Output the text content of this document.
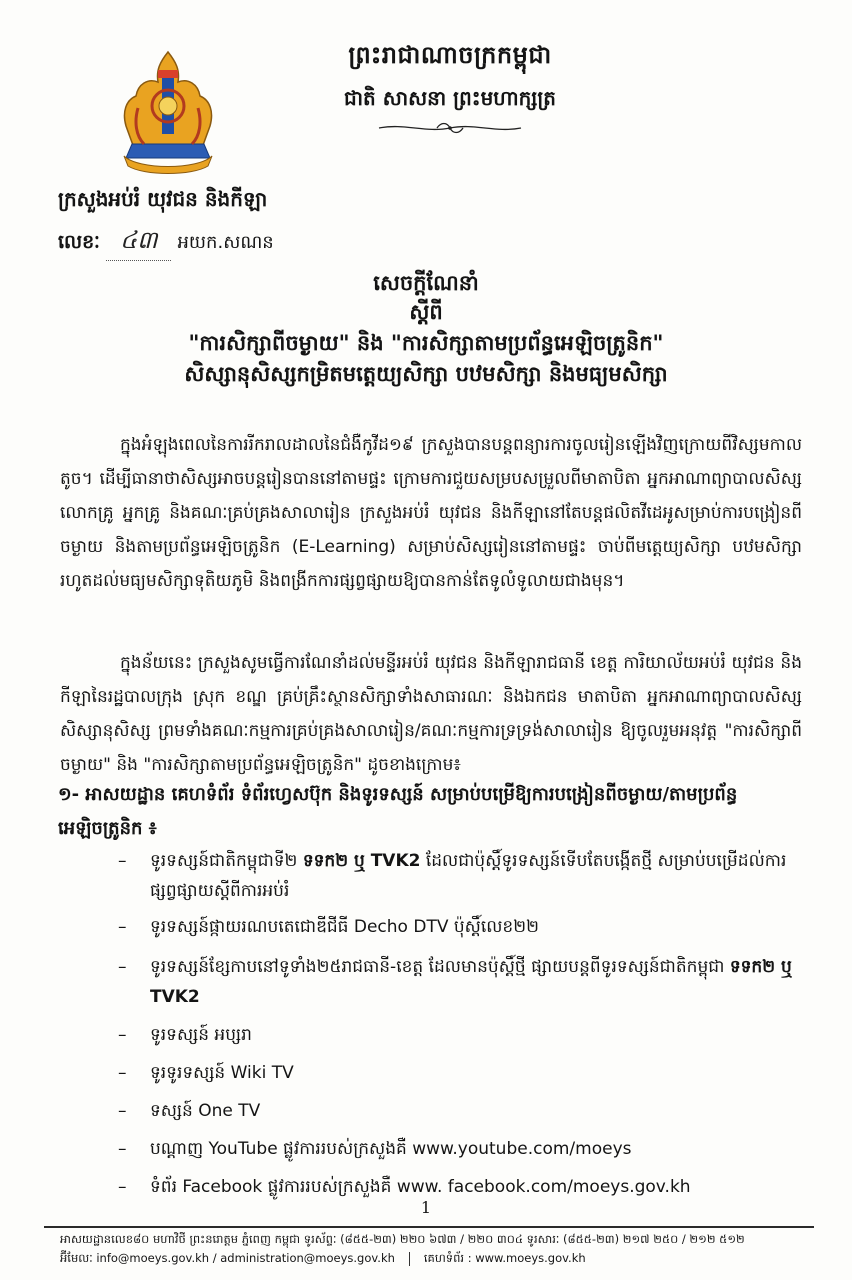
ព្រះរាជាណាចក្រកម្ពុជា
ជាតិ សាសនា ព្រះមហាក្សត្រ
ក្រសួងអប់រំ យុវជន និងកីឡា
លេខៈ ៤៣	អយក.សណន
សេចក្ដីណែនាំ
ស្ដីពី
"ការសិក្សាពីចម្ងាយ" និង "ការសិក្សាតាមប្រព័ន្ធអេឡិចត្រូនិក"
សិស្សានុសិស្សកម្រិតមត្តេយ្យសិក្សា បឋមសិក្សា និងមធ្យមសិក្សា
ក្នុងអំឡុងពេលនៃការរីករាលដាលនៃជំងឺកូវីដ១៩ ក្រសួងបានបន្តពន្យារការចូលរៀនឡើងវិញក្រោយពីវិស្សមកាលតូច។ ដើម្បីធានាថាសិស្សអាចបន្តរៀនបាននៅតាមផ្ទះ ក្រោមការជួយសម្របសម្រួលពីមាតាបិតា អ្នកអាណាព្យាបាលសិស្ស លោកគ្រូ អ្នកគ្រូ និងគណៈគ្រប់គ្រងសាលារៀន ក្រសួងអប់រំ យុវជន និងកីឡានៅតែបន្តផលិតវីដេអូសម្រាប់ការបង្រៀនពីចម្ងាយ និងតាមប្រព័ន្ធអេឡិចត្រូនិក (E-Learning) សម្រាប់សិស្សរៀននៅតាមផ្ទះ ចាប់ពីមត្តេយ្យសិក្សា បឋមសិក្សា រហូតដល់មធ្យមសិក្សាទុតិយភូមិ និងពង្រីកការផ្សព្វផ្សាយឱ្យបានកាន់តែទូលំទូលាយជាងមុន។
ក្នុងន័យនេះ ក្រសួងសូមធ្វើការណែនាំដល់មន្ទីរអប់រំ យុវជន និងកីឡារាជធានី ខេត្ត ការិយាល័យអប់រំ យុវជន និងកីឡានៃរដ្ឋបាលក្រុង ស្រុក ខណ្ឌ គ្រប់គ្រឹះស្ថានសិក្សាទាំងសាធារណៈ និងឯកជន មាតាបិតា អ្នកអាណាព្យាបាលសិស្ស សិស្សានុសិស្ស ព្រមទាំងគណៈកម្មការគ្រប់គ្រងសាលារៀន/គណៈកម្មការទ្រទ្រង់សាលារៀន ឱ្យចូលរួមអនុវត្ត "ការសិក្សាពីចម្ងាយ" និង "ការសិក្សាតាមប្រព័ន្ធអេឡិចត្រូនិក" ដូចខាងក្រោម៖
១- អាសយដ្ឋាន គេហទំព័រ ទំព័រហ្វេសប៊ុក និងទូរទស្សន៍ សម្រាប់បម្រើឱ្យការបង្រៀនពីចម្ងាយ/តាមប្រព័ន្ធអេឡិចត្រូនិក ៖
– ទូរទស្សន៍ជាតិកម្ពុជាទី២ ទទក២ ឬ TVK2 ដែលជាប៉ុស្ដិ៍ទូរទស្សន៍ទើបតែបង្កើតថ្មី សម្រាប់បម្រើដល់ការផ្សព្វផ្សាយស្ដីពីការអប់រំ
– ទូរទស្សន៍ផ្កាយរណបតេជោឌីជីធី Decho DTV ប៉ុស្ដិ៍លេខ២២
– ទូរទស្សន៍ខ្សែកាបនៅទូទាំង២៥រាជធានី-ខេត្ត ដែលមានប៉ុស្ដិ៍ថ្មី ផ្សាយបន្តពីទូរទស្សន៍ជាតិកម្ពុជា ទទក២ ឬ TVK2
– ទូរទស្សន៍ អប្សរា
– ទូរទូរទស្សន៍ Wiki TV
– ទស្សន៍ One TV
– បណ្ដាញ YouTube ផ្លូវការរបស់ក្រសួងគឺ www.youtube.com/moeys
– ទំព័រ Facebook ផ្លូវការរបស់ក្រសួងគឺ www. facebook.com/moeys.gov.kh
1
អាសយដ្ឋានលេខ៨០ មហាវិថី ព្រះនរោត្តម ភ្នំពេញ កម្ពុជា ទូរស័ព្ទៈ (៨៥៥-២៣) ២២០ ៦៧៣ / ២២០ ៣០៤ ទូរសារៈ (៨៥៥-២៣) ២១៧ ២៥០ / ២១២ ៥១២
អ៊ីមែលៈ info@moeys.gov.kh / administration@moeys.gov.kh	គេហទំព័រ : www.moeys.gov.kh
